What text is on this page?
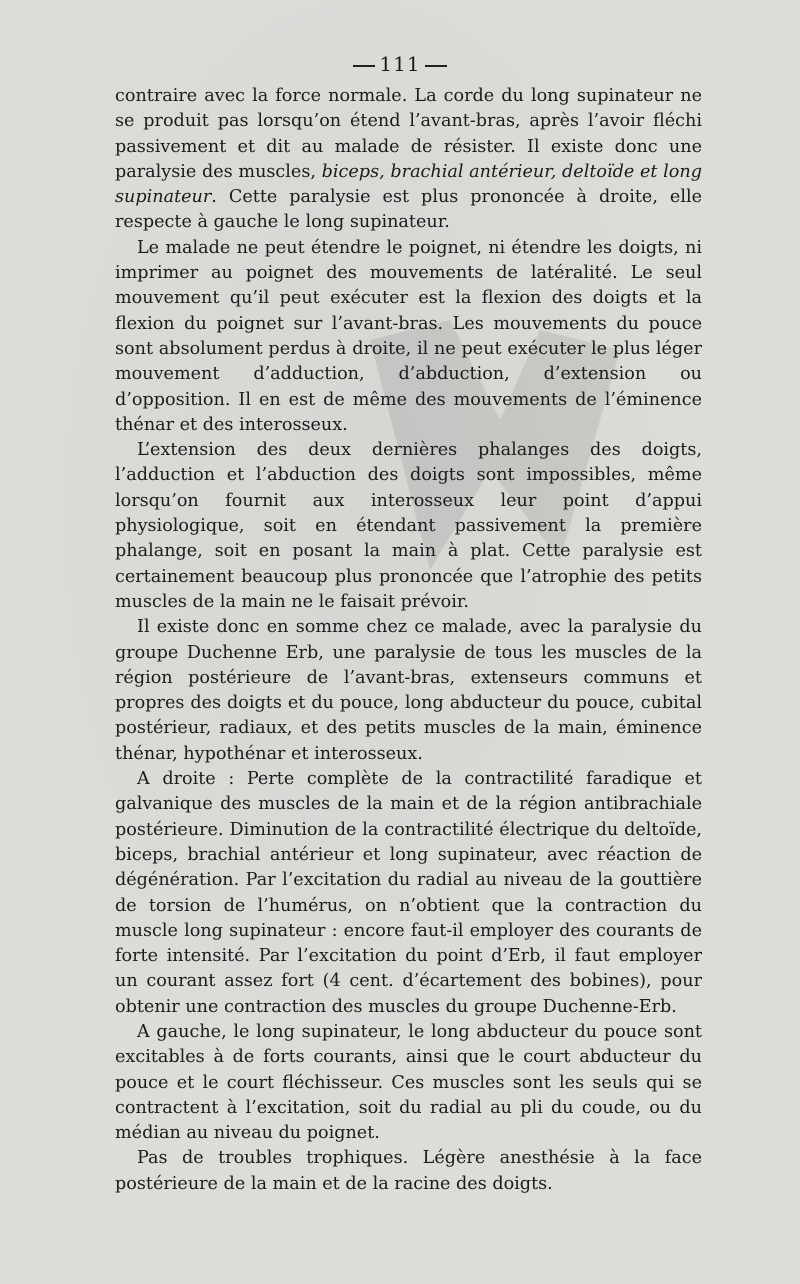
111

contraire avec la force normale. La corde du long supinateur ne se produit pas lorsqu’on étend l’avant-bras, après l’avoir fléchi passivement et dit au malade de résister. Il existe donc une paralysie des muscles, biceps, brachial antérieur, deltoïde et long supinateur. Cette paralysie est plus prononcée à droite, elle respecte à gauche le long supinateur.

Le malade ne peut étendre le poignet, ni étendre les doigts, ni imprimer au poignet des mouvements de latéralité. Le seul mouvement qu’il peut exécuter est la flexion des doigts et la flexion du poignet sur l’avant-bras. Les mouvements du pouce sont absolument perdus à droite, il ne peut exécuter le plus léger mouvement d’adduction, d’abduction, d’extension ou d’opposition. Il en est de même des mouvements de l’éminence thénar et des interosseux.

L’extension des deux dernières phalanges des doigts, l’adduction et l’abduction des doigts sont impossibles, même lorsqu’on fournit aux interosseux leur point d’appui physiologique, soit en étendant passivement la première phalange, soit en posant la main à plat. Cette paralysie est certainement beaucoup plus prononcée que l’atrophie des petits muscles de la main ne le faisait prévoir.

Il existe donc en somme chez ce malade, avec la paralysie du groupe Duchenne Erb, une paralysie de tous les muscles de la région postérieure de l’avant-bras, extenseurs communs et propres des doigts et du pouce, long abducteur du pouce, cubital postérieur, radiaux, et des petits muscles de la main, éminence thénar, hypothénar et interosseux.

A droite : Perte complète de la contractilité faradique et galvanique des muscles de la main et de la région antibrachiale postérieure. Diminution de la contractilité électrique du deltoïde, biceps, brachial antérieur et long supinateur, avec réaction de dégénération. Par l’excitation du radial au niveau de la gouttière de torsion de l’humérus, on n’obtient que la contraction du muscle long supinateur : encore faut-il employer des courants de forte intensité. Par l’excitation du point d’Erb, il faut employer un courant assez fort (4 cent. d’écartement des bobines), pour obtenir une contraction des muscles du groupe Duchenne-Erb.

A gauche, le long supinateur, le long abducteur du pouce sont excitables à de forts courants, ainsi que le court abducteur du pouce et le court fléchisseur. Ces muscles sont les seuls qui se contractent à l’excitation, soit du radial au pli du coude, ou du médian au niveau du poignet.

Pas de troubles trophiques. Légère anesthésie à la face postérieure de la main et de la racine des doigts.
